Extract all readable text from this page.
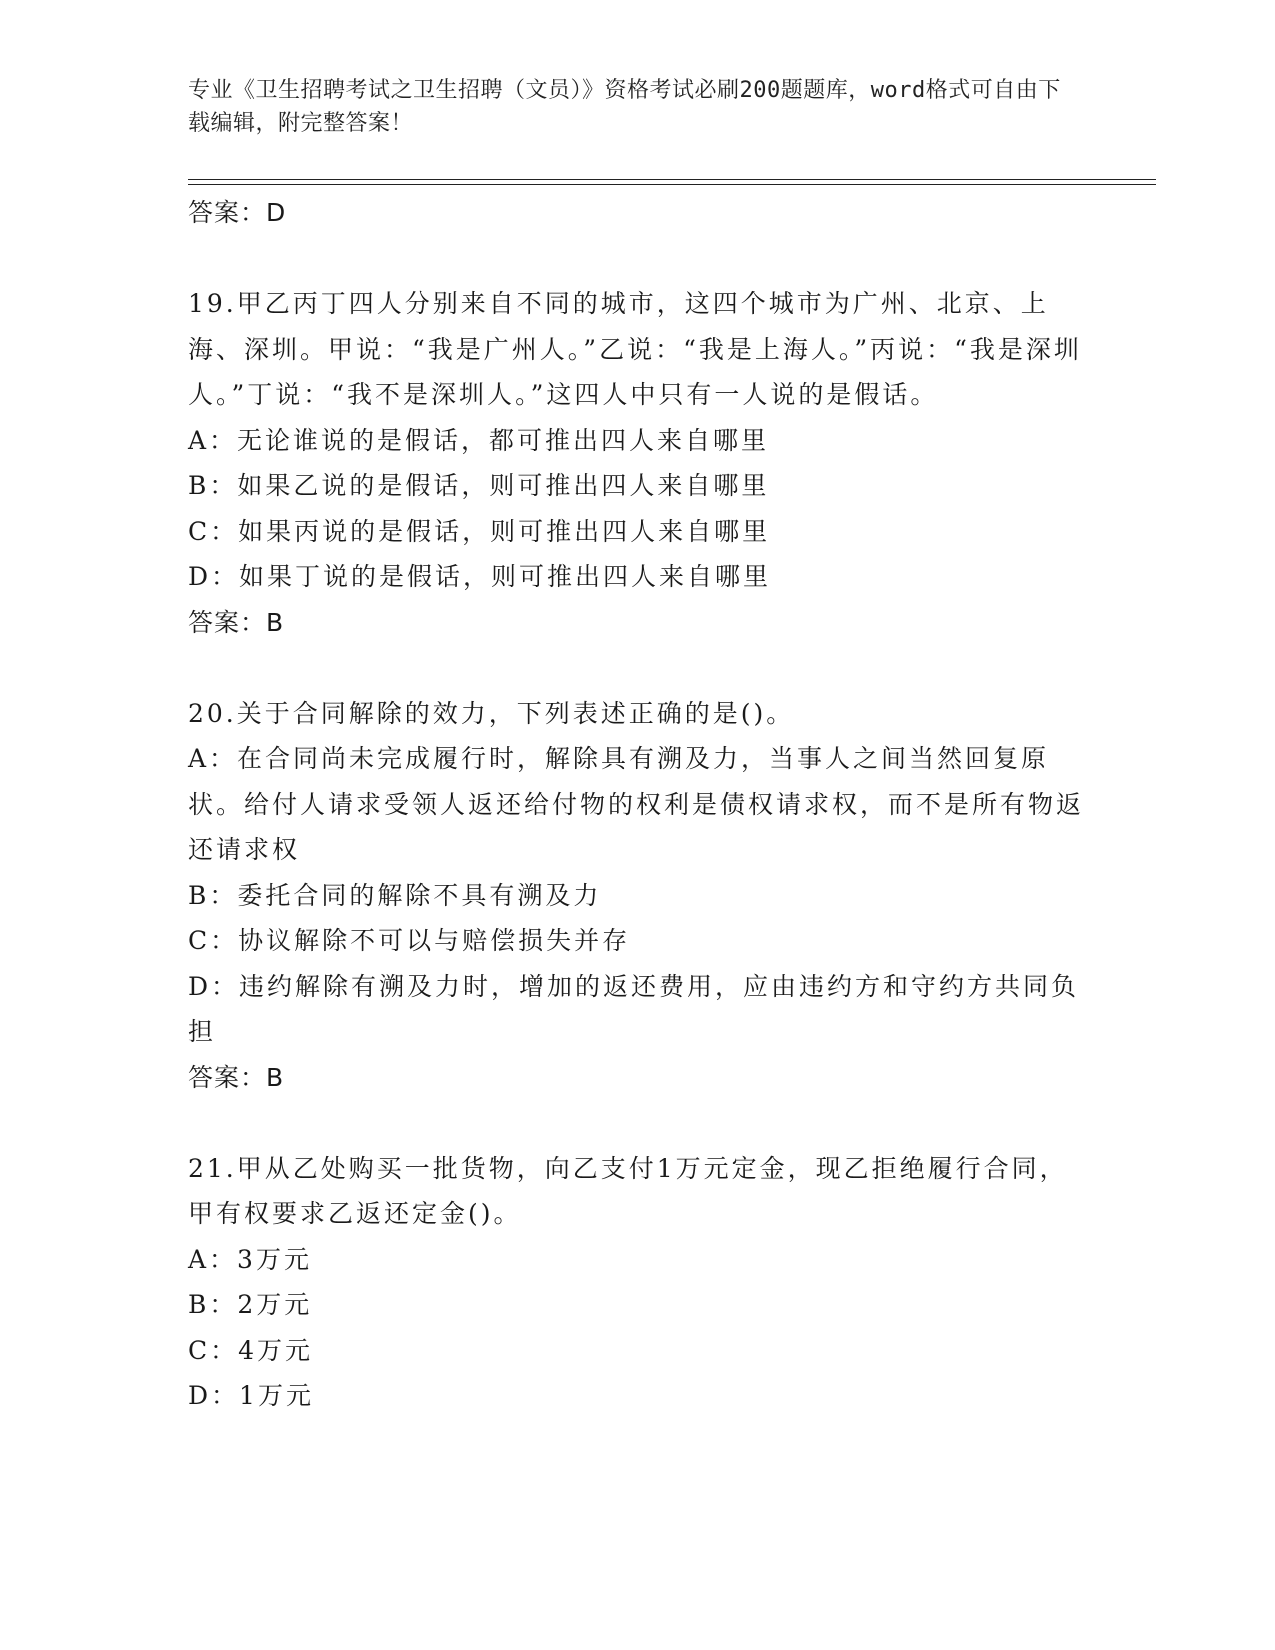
专业《卫生招聘考试之卫生招聘（文员）》资格考试必刷200题题库，word格式可自由下载编辑，附完整答案！
答案：D

19.甲乙丙丁四人分别来自不同的城市，这四个城市为广州、北京、上海、深圳。甲说：“我是广州人。”乙说：“我是上海人。”丙说：“我是深圳人。”丁说：“我不是深圳人。”这四人中只有一人说的是假话。

A：无论谁说的是假话，都可推出四人来自哪里

B：如果乙说的是假话，则可推出四人来自哪里

C：如果丙说的是假话，则可推出四人来自哪里

D：如果丁说的是假话，则可推出四人来自哪里

答案：B

20.关于合同解除的效力，下列表述正确的是()。

A：在合同尚未完成履行时，解除具有溯及力，当事人之间当然回复原状。给付人请求受领人返还给付物的权利是债权请求权，而不是所有物返还请求权

B：委托合同的解除不具有溯及力

C：协议解除不可以与赔偿损失并存

D：违约解除有溯及力时，增加的返还费用，应由违约方和守约方共同负担

答案：B

21.甲从乙处购买一批货物，向乙支付1万元定金，现乙拒绝履行合同，甲有权要求乙返还定金()。

A：3万元

B：2万元

C：4万元

D：1万元
